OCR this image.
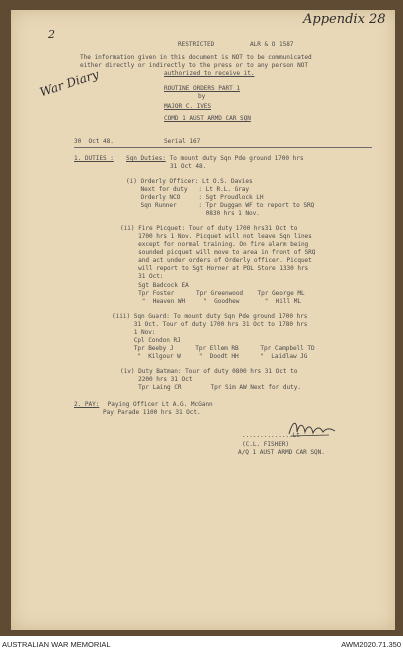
Appendix 28
2
War Diary
RESTRICTED	ALR & O 1587
The information given in this document is NOT to be communicated
either directly or indirectly to the press or to any person NOT
authorized to receive it.
ROUTINE ORDERS PART 1
by
MAJOR C. IVES
COMD 1 AUST ARMD CAR SQN
30  Oct 48.	Serial 167
1. DUTIES : Sqn Duties: To mount duty Sqn Pde ground 1700 hrs
31 Oct 48.
(i) Orderly Officer: Lt O.S. Davies
Next for duty   : Lt R.L. Gray
Orderly NCO     : Sgt Proudlock LH
Sqn Runner      : Tpr Duggan WF to report to SRQ
0830 hrs 1 Nov.
(ii) Fire Picquet: Tour of duty 1700 hrs31 Oct to
1700 hrs 1 Nov. Picquet will not leave Sqn lines
except for normal training. On fire alarm being
sounded picquet will move to area in front of SRQ
and act under orders of Orderly officer. Picquet
will report to Sgt Horner at POL Store 1330 hrs
31 Oct:
Sgt Badcock EA
Tpr Foster      Tpr Greenwood    Tpr George ML
"  Heaven WH     "  Goodhew       "  Hill ML
(iii) Sqn Guard: To mount duty Sqn Pde ground 1700 hrs
31 Oct. Tour of duty 1700 hrs 31 Oct to 1780 hrs
1 Nov:
Cpl Condon RJ
Tpr Beeby J      Tpr Ellem RB      Tpr Campbell TD
"  Kilgour W     "  Doodt HH      "  Laidlaw JG
(iv) Duty Batman: Tour of duty 0800 hrs 31 Oct to
2200 hrs 31 Oct
Tpr Laing CR        Tpr Sim AW Next for duty.
2. PAY: Paying Officer Lt A.G. McGann
Pay Parade 1100 hrs 31 Oct.
..............Lt
(C.L. FISHER)
A/Q 1 AUST ARMD CAR SQN.
AUSTRALIAN WAR MEMORIAL	AWM2020.71.350
